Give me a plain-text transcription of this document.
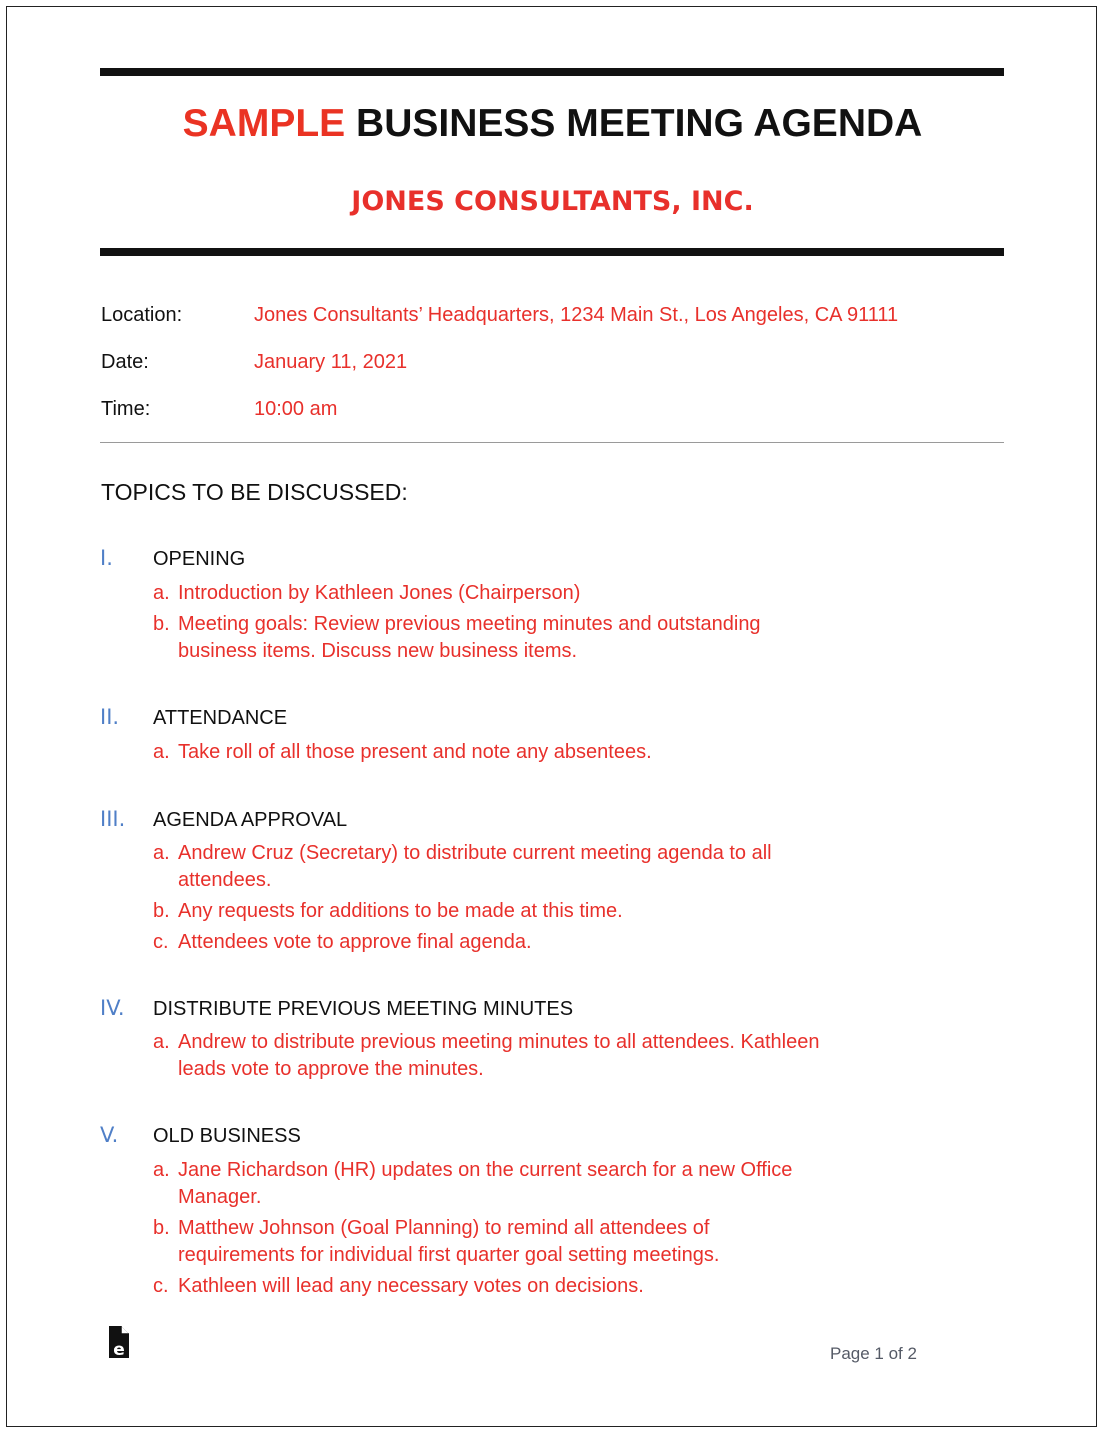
SAMPLE BUSINESS MEETING AGENDA
JONES CONSULTANTS, INC.
Location:	Jones Consultants’ Headquarters, 1234 Main St., Los Angeles, CA 91111
Date:	January 11, 2021
Time:	10:00 am
TOPICS TO BE DISCUSSED:
I. OPENING
a. Introduction by Kathleen Jones (Chairperson)
b. Meeting goals: Review previous meeting minutes and outstanding business items. Discuss new business items.
II. ATTENDANCE
a. Take roll of all those present and note any absentees.
III. AGENDA APPROVAL
a. Andrew Cruz (Secretary) to distribute current meeting agenda to all attendees.
b. Any requests for additions to be made at this time.
c. Attendees vote to approve final agenda.
IV. DISTRIBUTE PREVIOUS MEETING MINUTES
a. Andrew to distribute previous meeting minutes to all attendees. Kathleen leads vote to approve the minutes.
V. OLD BUSINESS
a. Jane Richardson (HR) updates on the current search for a new Office Manager.
b. Matthew Johnson (Goal Planning) to remind all attendees of requirements for individual first quarter goal setting meetings.
c. Kathleen will lead any necessary votes on decisions.
e	Page 1 of 2
